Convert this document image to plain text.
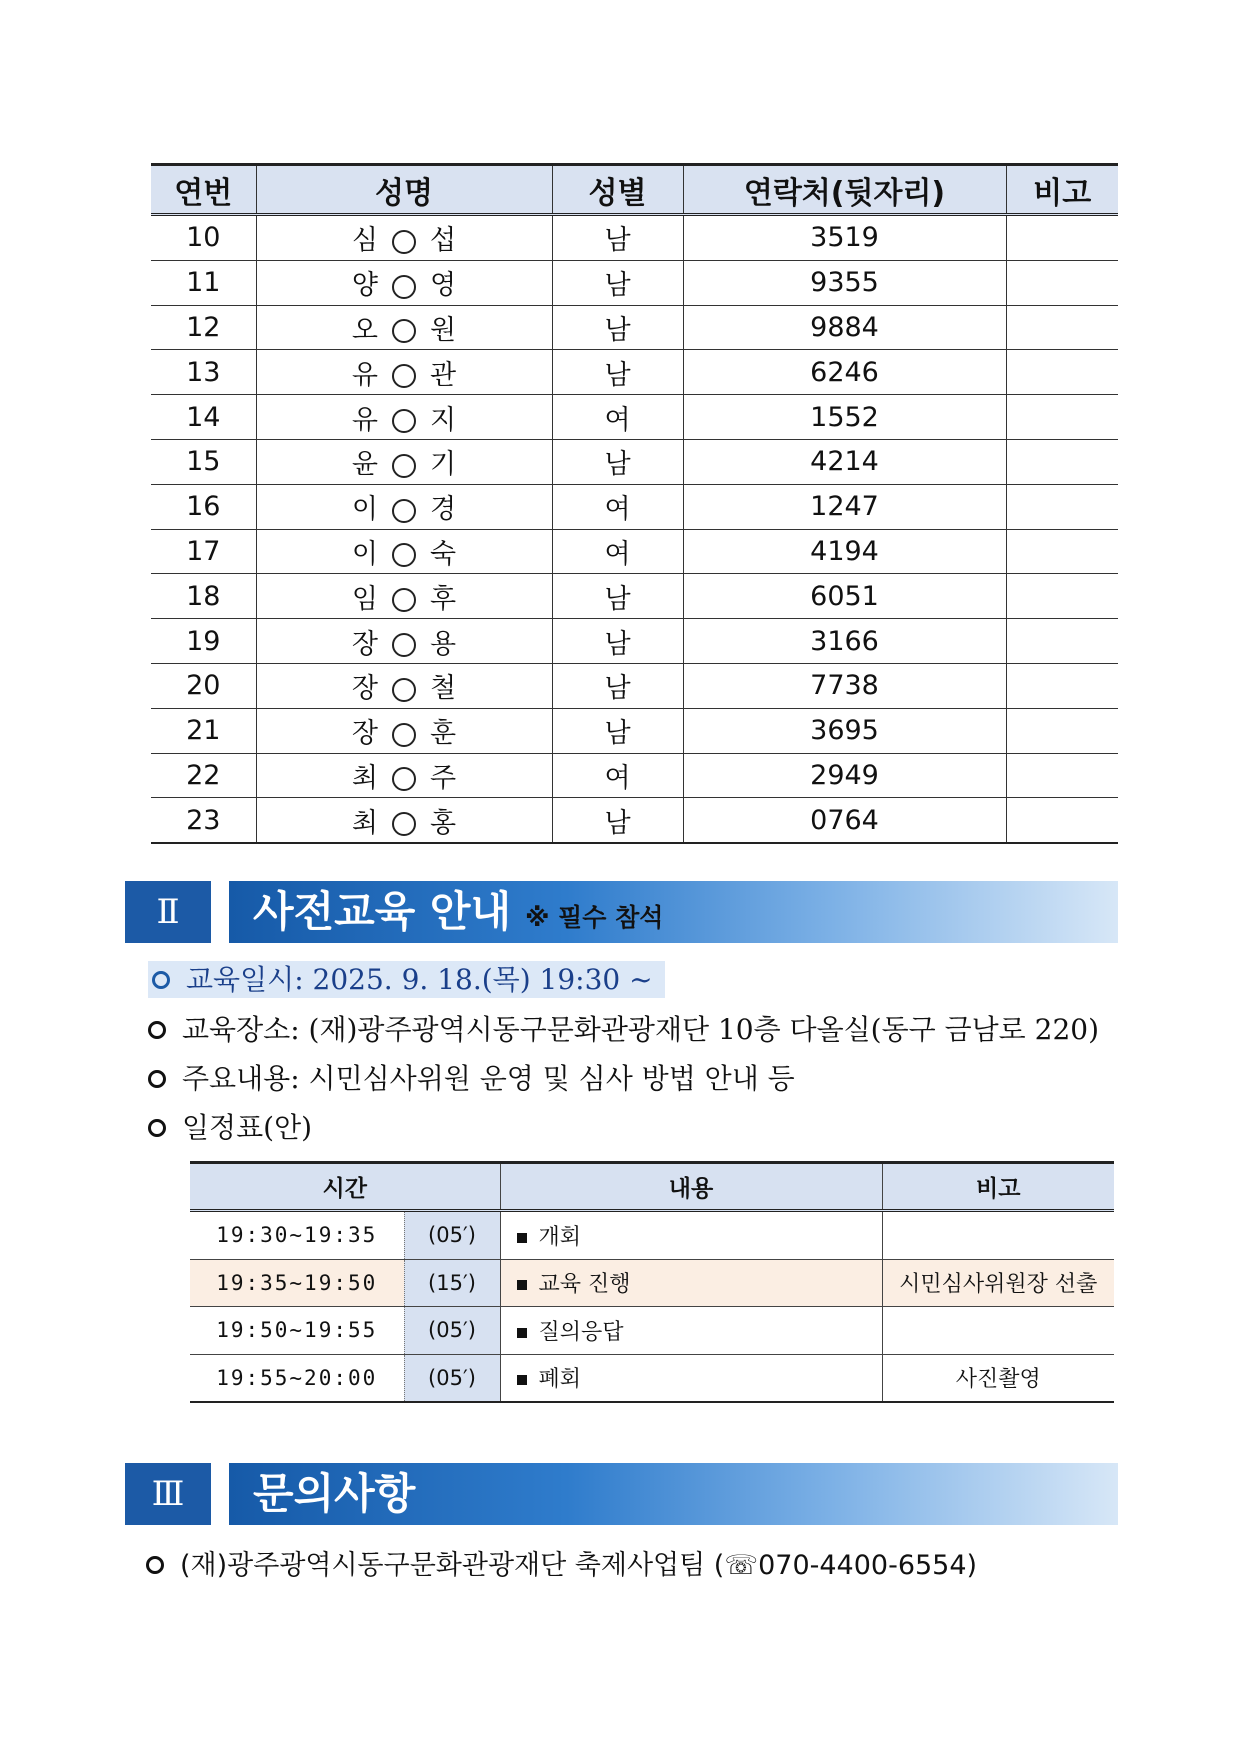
연번	성명	성별	연락처(뒷자리)	비고
10	심 섭	남	3519	
11	양 영	남	9355	
12	오 원	남	9884	
13	유 관	남	6246	
14	유 지	여	1552	
15	윤 기	남	4214	
16	이 경	여	1247	
17	이 숙	여	4194	
18	임 후	남	6051	
19	장 용	남	3166	
20	장 철	남	7738	
21	장 훈	남	3695	
22	최 주	여	2949	
23	최 홍	남	0764	
Ⅱ	사전교육 안내 ※ 필수 참석
교육일시: 2025. 9. 18.(목) 19:30 ~
교육장소: (재)광주광역시동구문화관광재단 10층 다올실(동구 금남로 220)
주요내용: 시민심사위원 운영 및 심사 방법 안내 등
일정표(안)
시간		내용	비고
19:30~19:35	(05′)	개회	
19:35~19:50	(15′)	교육 진행	시민심사위원장 선출
19:50~19:55	(05′)	질의응답	
19:55~20:00	(05′)	폐회	사진촬영
Ⅲ	문의사항
(재)광주광역시동구문화관광재단 축제사업팀 (☏070-4400-6554)
